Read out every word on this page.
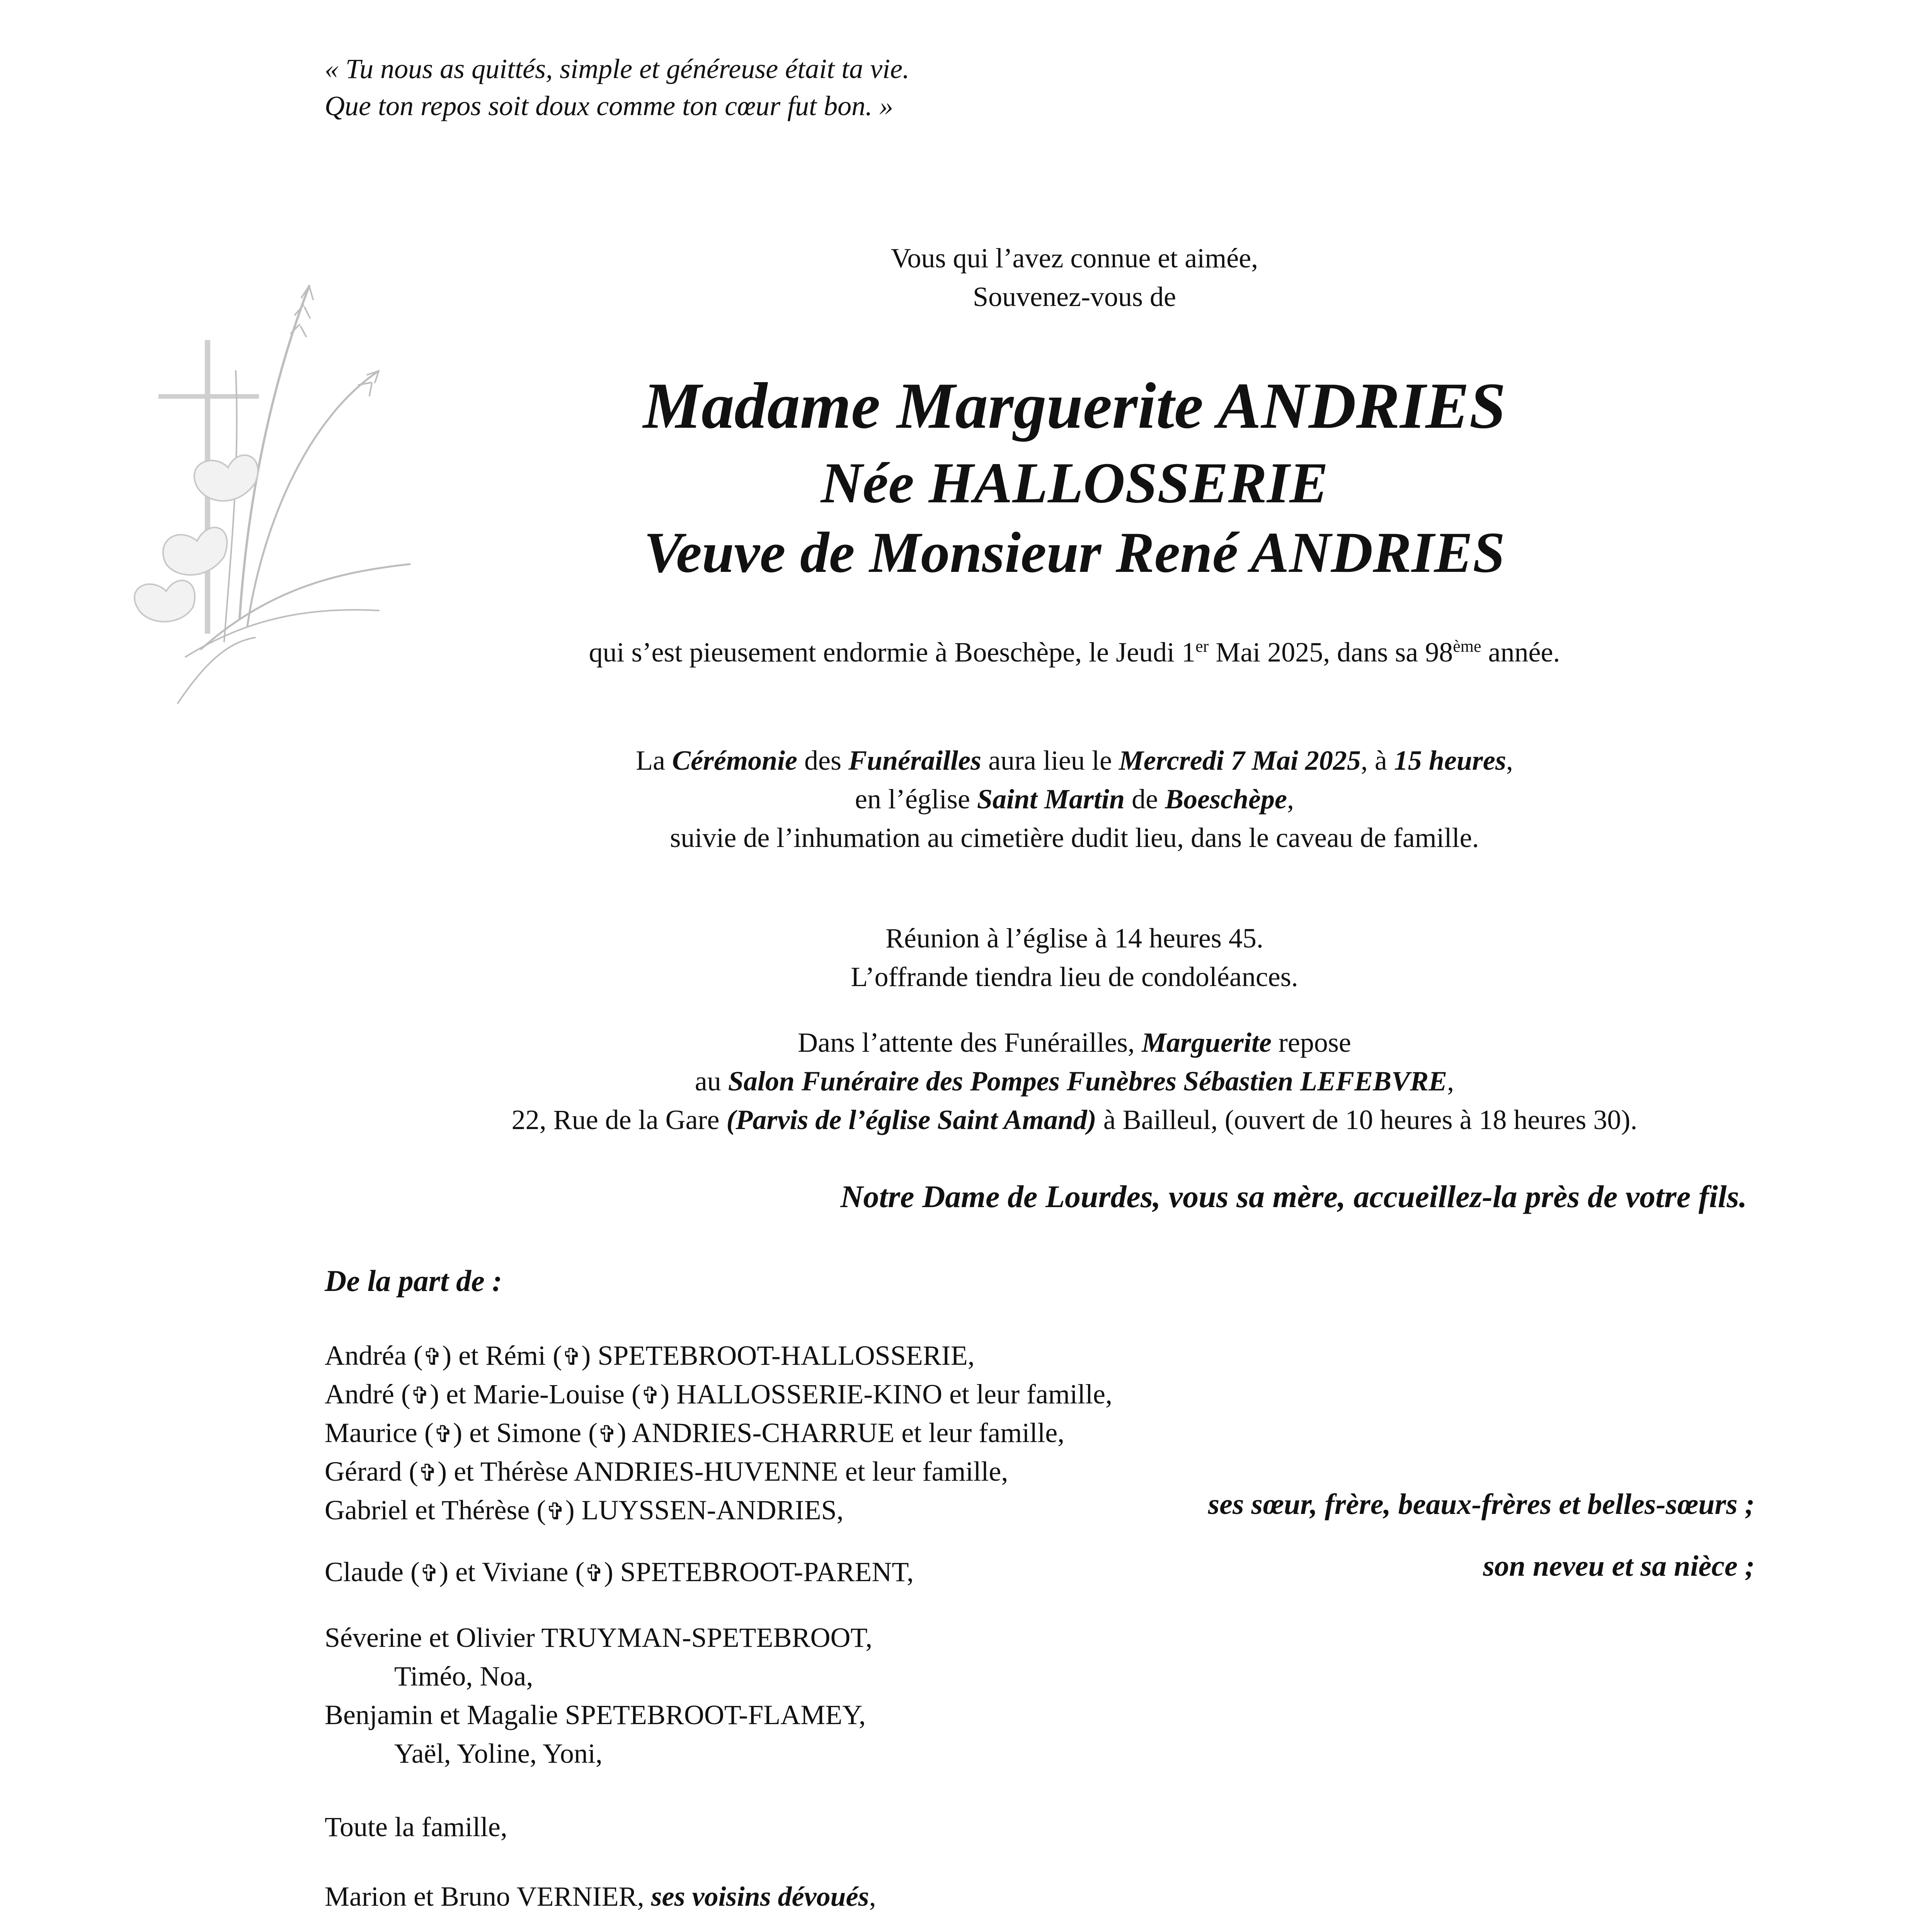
« Tu nous as quittés, simple et généreuse était ta vie.
Que ton repos soit doux comme ton cœur fut bon. »
Vous qui l’avez connue et aimée,
Souvenez-vous de
Madame Marguerite ANDRIES
Née HALLOSSERIE
Veuve de Monsieur René ANDRIES
qui s’est pieusement endormie à Boeschèpe, le Jeudi 1er Mai 2025, dans sa 98ème année.
La Cérémonie des Funérailles aura lieu le Mercredi 7 Mai 2025, à 15 heures,
en l’église Saint Martin de Boeschèpe,
suivie de l’inhumation au cimetière dudit lieu, dans le caveau de famille.
Réunion à l’église à 14 heures 45.
L’offrande tiendra lieu de condoléances.
Dans l’attente des Funérailles, Marguerite repose
au Salon Funéraire des Pompes Funèbres Sébastien LEFEBVRE,
22, Rue de la Gare (Parvis de l’église Saint Amand) à Bailleul, (ouvert de 10 heures à 18 heures 30).
Notre Dame de Lourdes, vous sa mère, accueillez-la près de votre fils.
De la part de :
Andréa (✞) et Rémi (✞) SPETEBROOT-HALLOSSERIE,
André (✞) et Marie-Louise (✞) HALLOSSERIE-KINO et leur famille,
Maurice (✞) et Simone (✞) ANDRIES-CHARRUE et leur famille,
Gérard (✞) et Thérèse ANDRIES-HUVENNE et leur famille,
Gabriel et Thérèse (✞) LUYSSEN-ANDRIES,	ses sœur, frère, beaux-frères et belles-sœurs ;
Claude (✞) et Viviane (✞) SPETEBROOT-PARENT,	son neveu et sa nièce ;
Séverine et Olivier TRUYMAN-SPETEBROOT,
Timéo, Noa,
Benjamin et Magalie SPETEBROOT-FLAMEY,
Yaël, Yoline, Yoni,
Toute la famille,
Marion et Bruno VERNIER, ses voisins dévoués,
